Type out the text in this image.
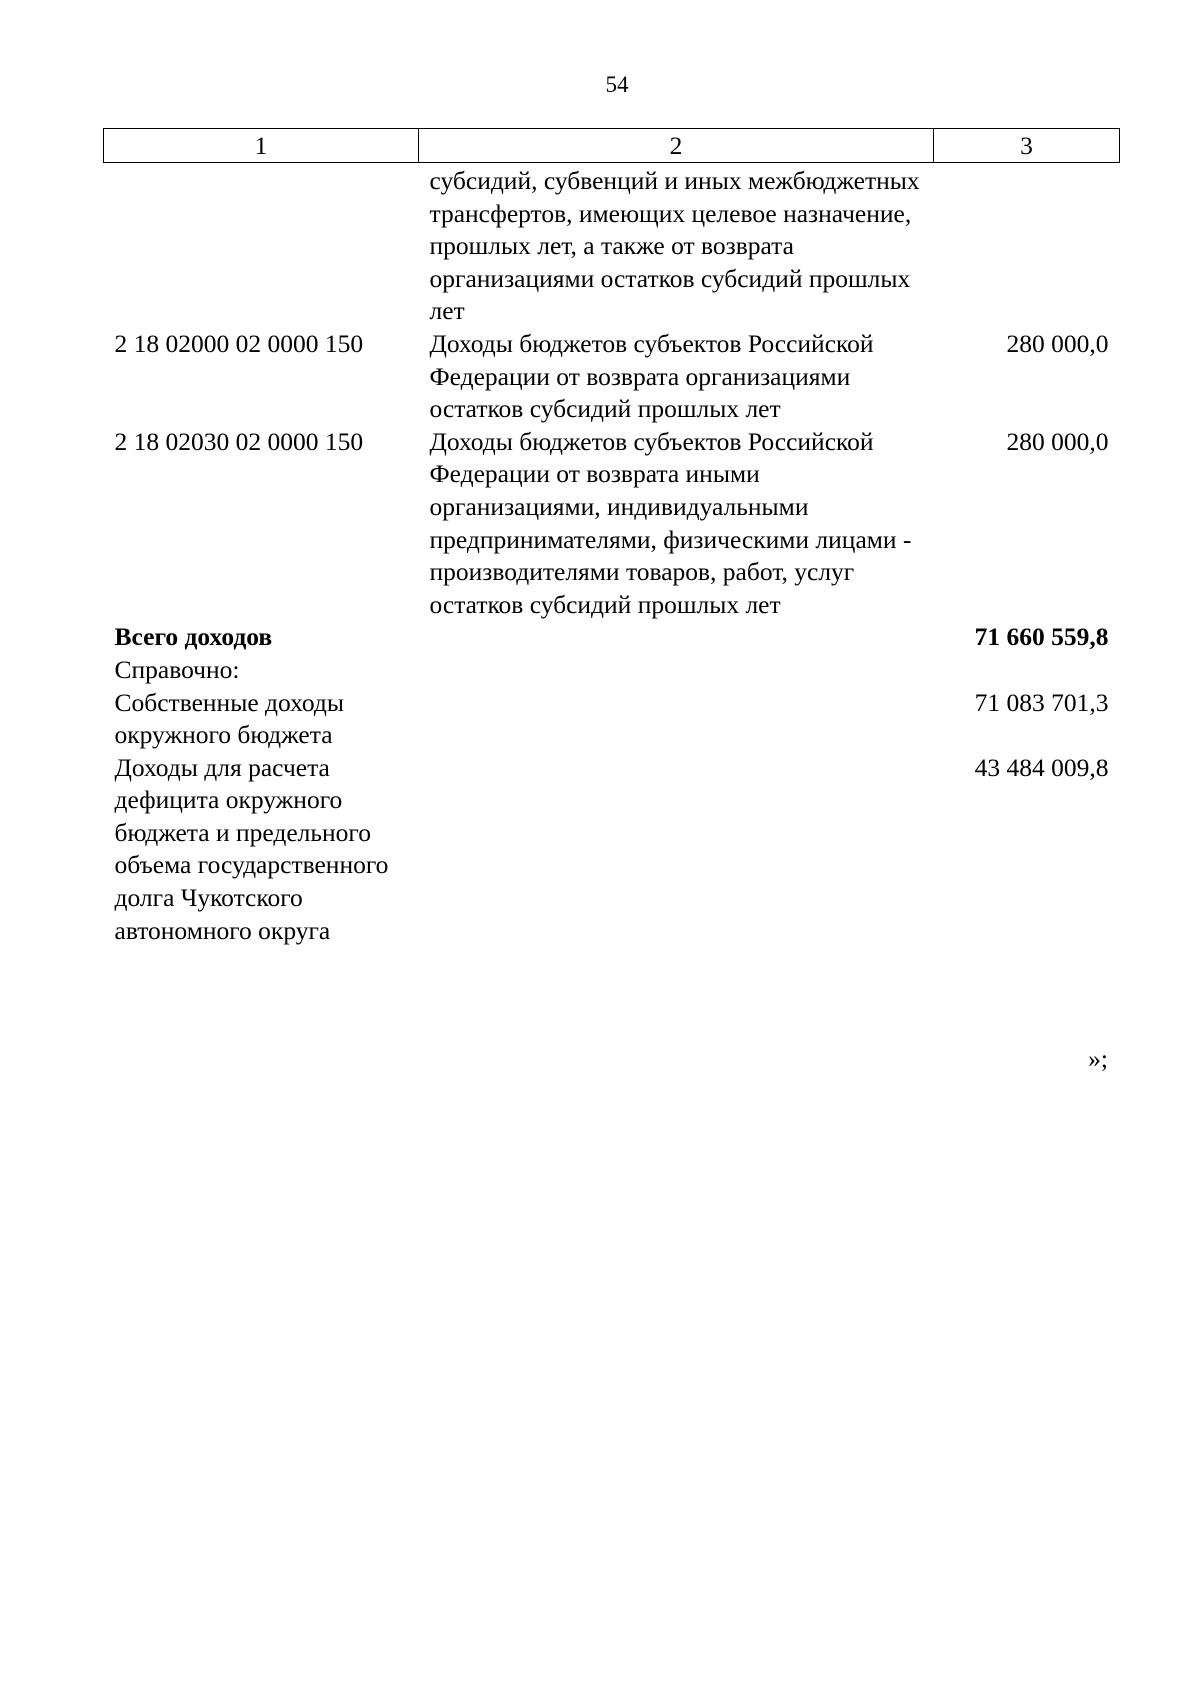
54
1	2	3
	субсидий, субвенций и иных межбюджетных трансфертов, имеющих целевое назначение, прошлых лет, а также от возврата организациями остатков субсидий прошлых лет	
2 18 02000 02 0000 150	Доходы бюджетов субъектов Российской Федерации от возврата организациями остатков субсидий прошлых лет	280 000,0
2 18 02030 02 0000 150	Доходы бюджетов субъектов Российской Федерации от возврата иными организациями, индивидуальными предпринимателями, физическими лицами - производителями товаров, работ, услуг остатков субсидий прошлых лет	280 000,0
Всего доходов		71 660 559,8
Справочно:		
Собственные доходы окружного бюджета		71 083 701,3
Доходы для расчета дефицита окружного бюджета и предельного объема государственного долга Чукотского автономного округа		43 484 009,8
»;
